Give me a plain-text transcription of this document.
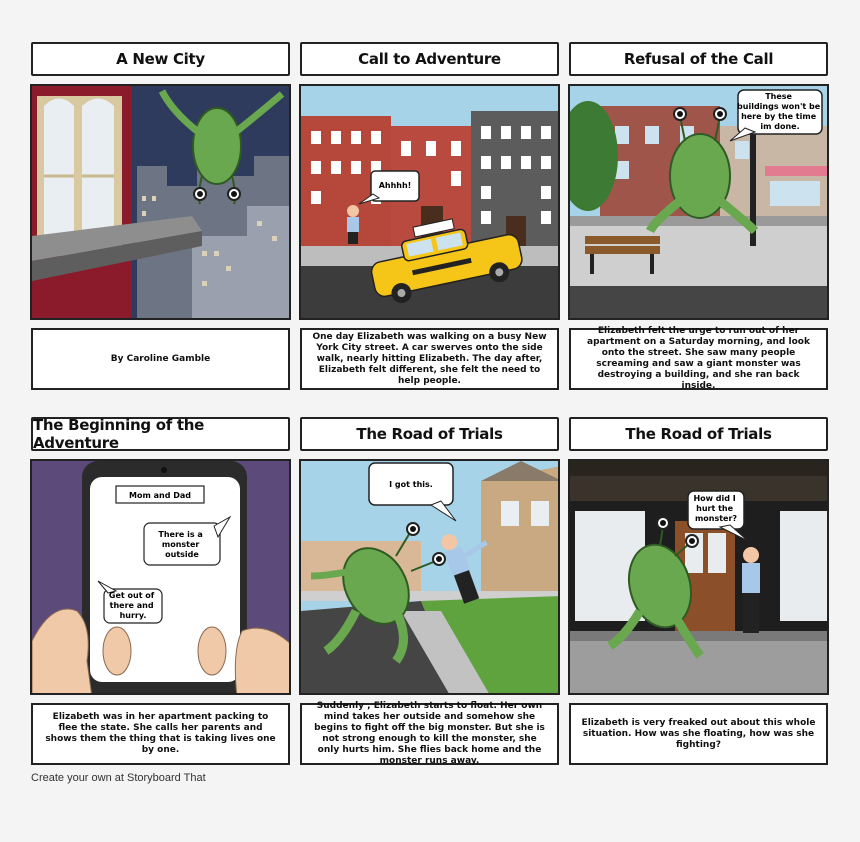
A New City	Call to Adventure	Refusal of the Call
Ahhhh!
These buildings won't be here by the time im done.
By Caroline Gamble
One day Elizabeth was walking on a busy New York City street. A car swerves onto the side walk, nearly hitting Elizabeth. The day after, Elizabeth felt different, she felt the need to help people.
Elizabeth felt the urge to run out of her apartment on a Saturday morning, and look onto the street. She saw many people screaming and saw a giant monster was destroying a building, and she ran back inside.
The Beginning of the Adventure	The Road of Trials	The Road of Trials
Mom and Dad
There is a monster outside
Get out of there and hurry.
I got this.
How did I hurt the monster?
Elizabeth was in her apartment packing to flee the state. She calls her parents and shows them the thing that is taking lives one by one.
Suddenly , Elizabeth starts to float. Her own mind takes her outside and somehow she begins to fight off the big monster. But she is not strong enough to kill the monster, she only hurts him. She flies back home and the monster runs away.
Elizabeth is very freaked out about this whole situation. How was she floating, how was she fighting?
Create your own at Storyboard That
